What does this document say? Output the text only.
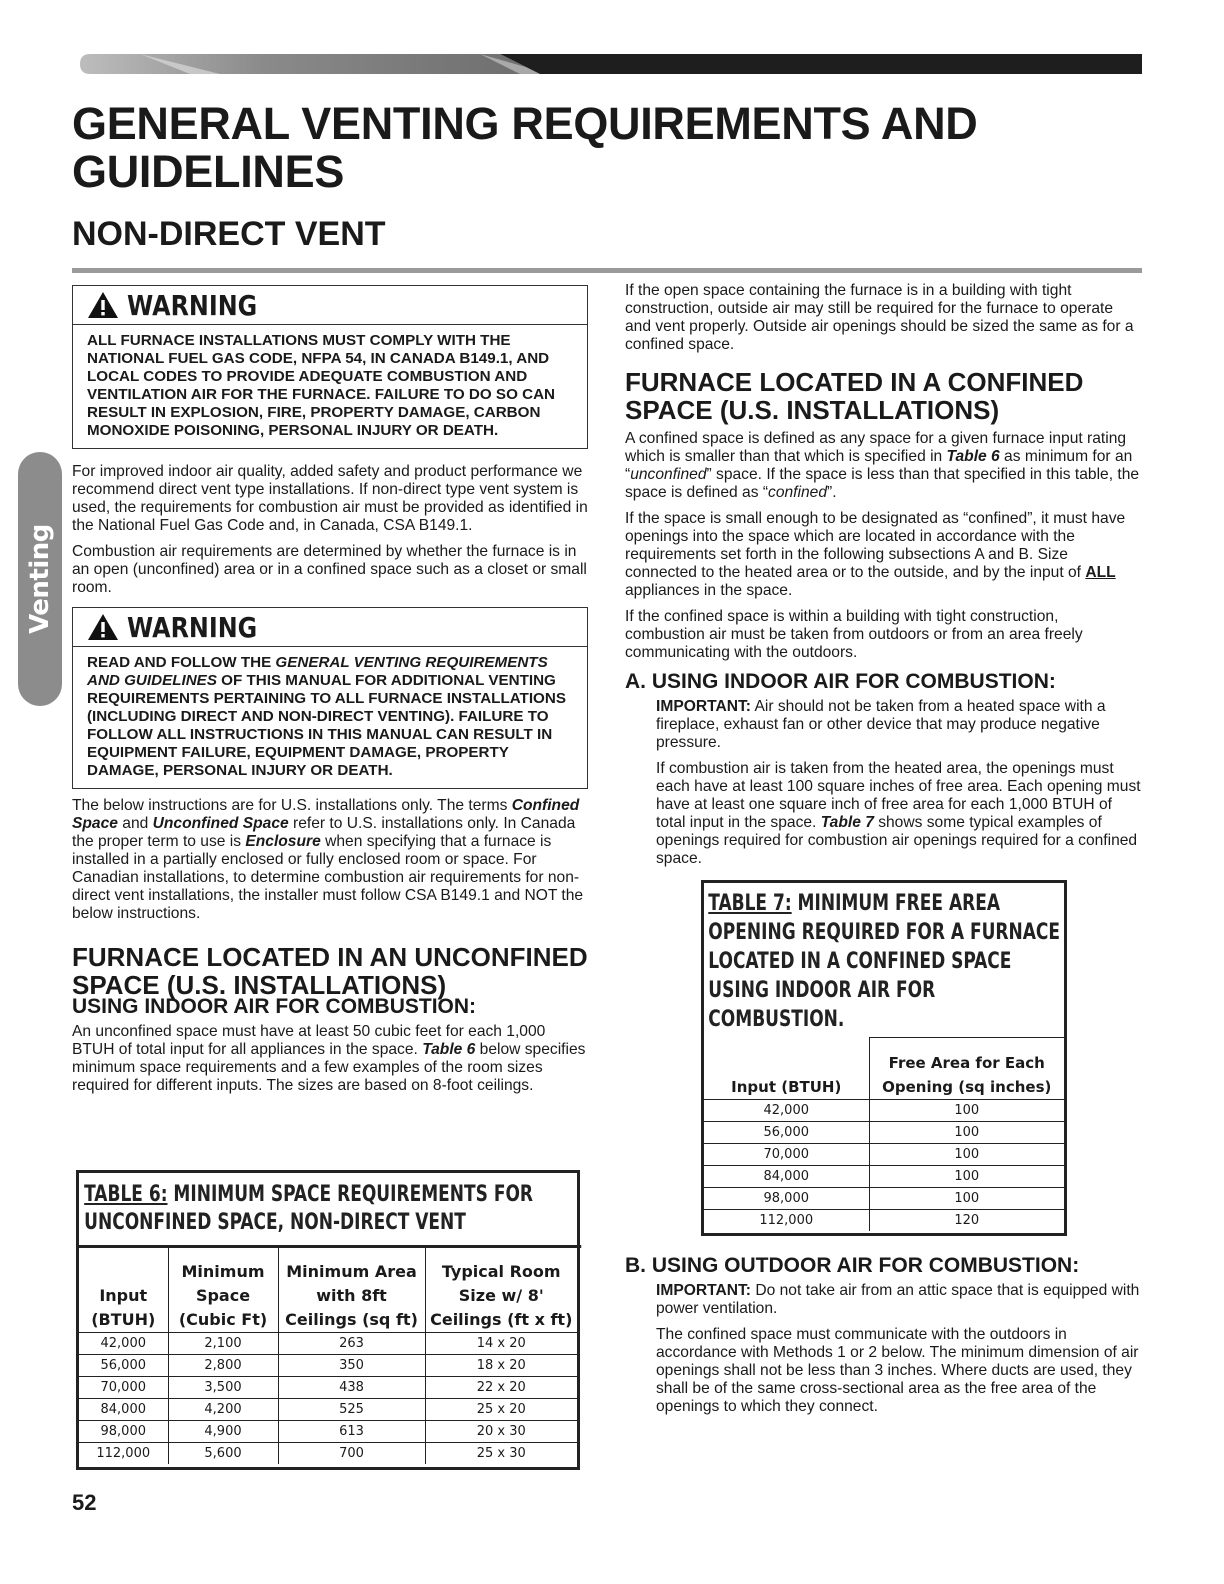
GENERAL VENTING REQUIREMENTS AND GUIDELINES
NON-DIRECT VENT
Venting
WARNING
ALL FURNACE INSTALLATIONS MUST COMPLY WITH THE NATIONAL FUEL GAS CODE, NFPA 54, IN CANADA B149.1, AND LOCAL CODES TO PROVIDE ADEQUATE COMBUSTION AND VENTILATION AIR FOR THE FURNACE. FAILURE TO DO SO CAN RESULT IN EXPLOSION, FIRE, PROPERTY DAMAGE, CARBON MONOXIDE POISONING, PERSONAL INJURY OR DEATH.

For improved indoor air quality, added safety and product performance we recommend direct vent type installations. If non-direct type vent system is used, the requirements for combustion air must be provided as identified in the National Fuel Gas Code and, in Canada, CSA B149.1.

Combustion air requirements are determined by whether the furnace is in an open (unconfined) area or in a confined space such as a closet or small room.

WARNING
READ AND FOLLOW THE GENERAL VENTING REQUIREMENTS AND GUIDELINES OF THIS MANUAL FOR ADDITIONAL VENTING REQUIREMENTS PERTAINING TO ALL FURNACE INSTALLATIONS (INCLUDING DIRECT AND NON-DIRECT VENTING). FAILURE TO FOLLOW ALL INSTRUCTIONS IN THIS MANUAL CAN RESULT IN EQUIPMENT FAILURE, EQUIPMENT DAMAGE, PROPERTY DAMAGE, PERSONAL INJURY OR DEATH.

The below instructions are for U.S. installations only. The terms Confined Space and Unconfined Space refer to U.S. installations only. In Canada the proper term to use is Enclosure when specifying that a furnace is installed in a partially enclosed or fully enclosed room or space. For Canadian installations, to determine combustion air requirements for non-direct vent installations, the installer must follow CSA B149.1 and NOT the below instructions.

FURNACE LOCATED IN AN UNCONFINED SPACE (U.S. INSTALLATIONS)
USING INDOOR AIR FOR COMBUSTION:

An unconfined space must have at least 50 cubic feet for each 1,000 BTUH of total input for all appliances in the space. Table 6 below specifies minimum space requirements and a few examples of the room sizes required for different inputs. The sizes are based on 8-foot ceilings.

TABLE 6: MINIMUM SPACE REQUIREMENTS FOR UNCONFINED SPACE, NON-DIRECT VENT
Input (BTUH)	Minimum Space (Cubic Ft)	Minimum Area with 8ft Ceilings (sq ft)	Typical Room Size w/ 8' Ceilings (ft x ft)
42,000	2,100	263	14 x 20
56,000	2,800	350	18 x 20
70,000	3,500	438	22 x 20
84,000	4,200	525	25 x 20
98,000	4,900	613	20 x 30
112,000	5,600	700	25 x 30

If the open space containing the furnace is in a building with tight construction, outside air may still be required for the furnace to operate and vent properly. Outside air openings should be sized the same as for a confined space.

FURNACE LOCATED IN A CONFINED SPACE (U.S. INSTALLATIONS)

A confined space is defined as any space for a given furnace input rating which is smaller than that which is specified in Table 6 as minimum for an “unconfined” space. If the space is less than that specified in this table, the space is defined as “confined”.

If the space is small enough to be designated as “confined”, it must have openings into the space which are located in accordance with the requirements set forth in the following subsections A and B. Size connected to the heated area or to the outside, and by the input of ALL appliances in the space.

If the confined space is within a building with tight construction, combustion air must be taken from outdoors or from an area freely communicating with the outdoors.

A. USING INDOOR AIR FOR COMBUSTION:

IMPORTANT: Air should not be taken from a heated space with a fireplace, exhaust fan or other device that may produce negative pressure.

If combustion air is taken from the heated area, the openings must each have at least 100 square inches of free area. Each opening must have at least one square inch of free area for each 1,000 BTUH of total input in the space. Table 7 shows some typical examples of openings required for combustion air openings required for a confined space.

TABLE 7: MINIMUM FREE AREA OPENING REQUIRED FOR A FURNACE LOCATED IN A CONFINED SPACE USING INDOOR AIR FOR COMBUSTION.
Input (BTUH)	Free Area for Each Opening (sq inches)
42,000	100
56,000	100
70,000	100
84,000	100
98,000	100
112,000	120
B. USING OUTDOOR AIR FOR COMBUSTION:

IMPORTANT: Do not take air from an attic space that is equipped with power ventilation.

The confined space must communicate with the outdoors in accordance with Methods 1 or 2 below. The minimum dimension of air openings shall not be less than 3 inches. Where ducts are used, they shall be of the same cross-sectional area as the free area of the openings to which they connect.

52
